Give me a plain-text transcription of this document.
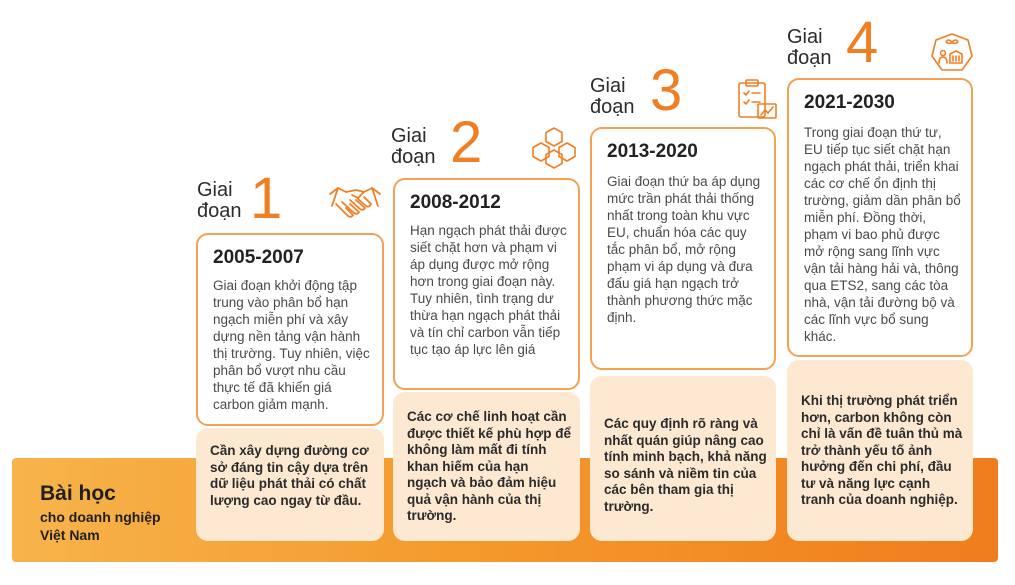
Bài học
cho doanh nghiệp
Việt Nam
Giai
đoạn 1
2005-2007

Giai đoạn khởi động tập trung vào phân bổ hạn ngạch miễn phí và xây dựng nền tảng vận hành thị trường. Tuy nhiên, việc phân bổ vượt nhu cầu thực tế đã khiến giá carbon giảm mạnh.

Cần xây dựng đường cơ sở đáng tin cậy dựa trên dữ liệu phát thải có chất lượng cao ngay từ đầu.

Giai
đoạn 2
2008-2012

Hạn ngạch phát thải được siết chặt hơn và phạm vi áp dụng được mở rộng hơn trong giai đoạn này. Tuy nhiên, tình trạng dư thừa hạn ngạch phát thải và tín chỉ carbon vẫn tiếp tục tạo áp lực lên giá

Các cơ chế linh hoạt cần được thiết kế phù hợp để không làm mất đi tính khan hiếm của hạn ngạch và bảo đảm hiệu quả vận hành của thị trường.

Giai
đoạn 3
2013-2020

Giai đoạn thứ ba áp dụng mức trần phát thải thống nhất trong toàn khu vực EU, chuẩn hóa các quy tắc phân bổ, mở rộng phạm vi áp dụng và đưa đấu giá hạn ngạch trở thành phương thức mặc định.

Các quy định rõ ràng và nhất quán giúp nâng cao tính minh bạch, khả năng so sánh và niềm tin của các bên tham gia thị trường.

Giai
đoạn 4
2021-2030

Trong giai đoạn thứ tư, EU tiếp tục siết chặt hạn ngạch phát thải, triển khai các cơ chế ổn định thị trường, giảm dần phân bổ miễn phí. Đồng thời, phạm vi bao phủ được mở rộng sang lĩnh vực vận tải hàng hải và, thông qua ETS2, sang các tòa nhà, vận tải đường bộ và các lĩnh vực bổ sung khác.

Khi thị trường phát triển hơn, carbon không còn chỉ là vấn đề tuân thủ mà trở thành yếu tố ảnh hưởng đến chi phí, đầu tư và năng lực cạnh tranh của doanh nghiệp.
